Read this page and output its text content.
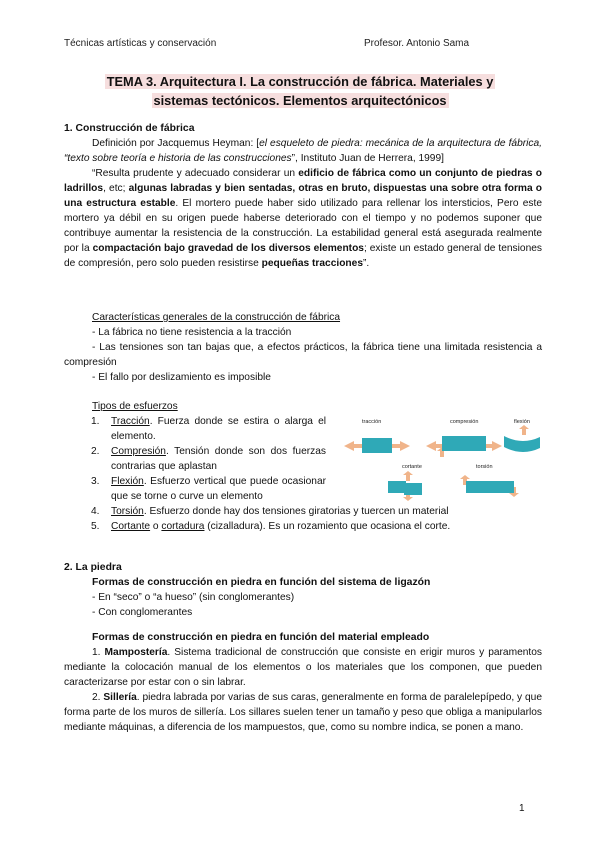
Técnicas artísticas y conservación	Profesor. Antonio Sama
TEMA 3. Arquitectura I. La construcción de fábrica. Materiales y
sistemas tectónicos. Elementos arquitectónicos

1. Construcción de fábrica

Definición por Jacquemus Heyman: [el esqueleto de piedra: mecánica de la arquitectura de fábrica, “texto sobre teoría e historia de las construcciones”, Instituto Juan de Herrera, 1999]

“Resulta prudente y adecuado considerar un edificio de fábrica como un conjunto de piedras o ladrillos, etc; algunas labradas y bien sentadas, otras en bruto, dispuestas una sobre otra forma o una estructura estable. El mortero puede haber sido utilizado para rellenar los intersticios, Pero este mortero ya débil en su origen puede haberse deteriorado con el tiempo y no podemos suponer que contribuye aumentar la resistencia de la construcción. La estabilidad general está asegurada realmente por la compactación bajo gravedad de los diversos elementos; existe un estado general de tensiones de compresión, pero solo pueden resistirse pequeñas tracciones”.

Características generales de la construcción de fábrica

- La fábrica no tiene resistencia a la tracción

- Las tensiones son tan bajas que, a efectos prácticos, la fábrica tiene una limitada resistencia a compresión

- El fallo por deslizamiento es imposible

Tipos de esfuerzos

1. Tracción. Fuerza donde se estira o alarga el elemento.
2. Compresión. Tensión donde son dos fuerzas contrarias que aplastan
3. Flexión. Esfuerzo vertical que puede ocasionar que se torne o curve un elemento
4. Torsión. Esfuerzo donde hay dos tensiones giratorias y tuercen un material
5. Cortante o cortadura (cizalladura). Es un rozamiento que ocasiona el corte.
tracción	compresión	flexión
cortante	torsión

2. La piedra

Formas de construcción en piedra en función del sistema de ligazón

- En “seco” o “a hueso” (sin conglomerantes)

- Con conglomerantes

Formas de construcción en piedra en función del material empleado

1. Mampostería. Sistema tradicional de construcción que consiste en erigir muros y paramentos mediante la colocación manual de los elementos o los materiales que los componen, que pueden caracterizarse por estar con o sin labrar.

2. Sillería. piedra labrada por varias de sus caras, generalmente en forma de paralelepípedo, y que forma parte de los muros de sillería. Los sillares suelen tener un tamaño y peso que obliga a manipularlos mediante máquinas, a diferencia de los mampuestos, que, como su nombre indica, se ponen a mano.

1
